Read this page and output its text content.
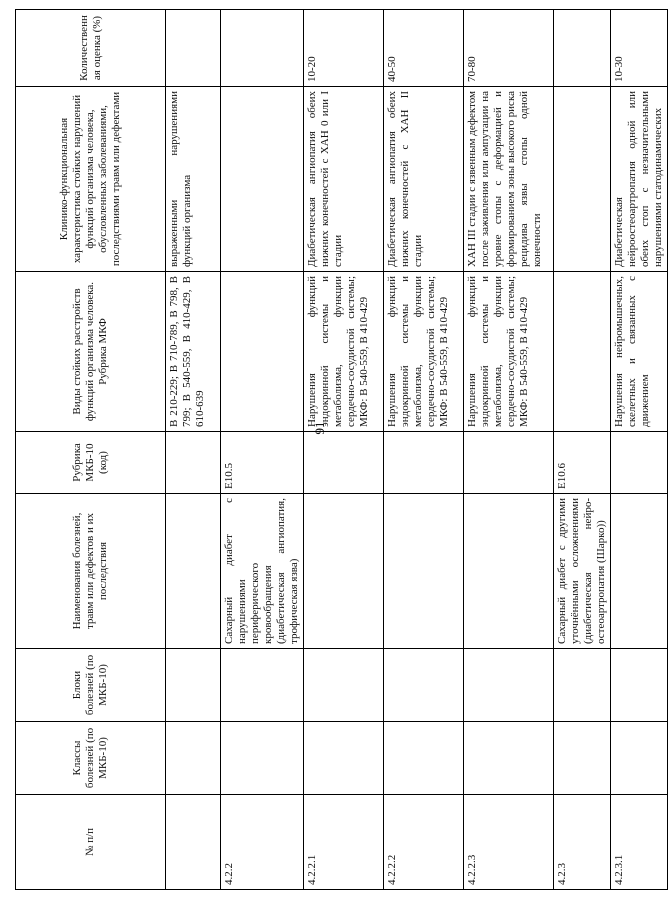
91
№ п/п	Классы болезней (по МКБ-10)	Блоки болезней (по МКБ-10)	Наименования болезней, травм или дефектов и их последствия	Рубрика МКБ-10 (код)	Виды стойких расстройств функций организма человека. Рубрика МКФ	Клинико-функциональная характеристика стойких нарушений функций организма человека, обусловленных заболеваниями, последствиями травм или дефектами	Количественная оценка (%)
					В 210-229; В 710-789, В 798, В 799; В 540-559, В 410-429, В 610-639	выраженными нарушениями функций организма	
4.2.2			Сахарный диабет с нарушениями периферического кровообращения (диабетическая ангиопатия, трофическая язва)	Е10.5			
4.2.2.1					Нарушения функций эндокринной системы и метаболизма, функции сердечно-сосудистой системы; МКФ: В 540-559, В 410-429	Диабетическая ангиопатия обеих нижних конечностей с ХАН 0 или I стадии	10-20
4.2.2.2					Нарушения функций эндокринной системы и метаболизма, функции сердечно-сосудистой системы; МКФ: В 540-559, В 410-429	Диабетическая ангиопатия обеих нижних конечностей с ХАН II стадии	40-50
4.2.2.3					Нарушения функций эндокринной системы и метаболизма, функции сердечно-сосудистой системы; МКФ: В 540-559, В 410-429	ХАН III стадии с язвенным дефектом после заживления или ампутации на уровне стопы с деформацией и формированием зоны высокого риска рецидива язвы стопы одной конечности	70-80
4.2.3			Сахарный диабет с другими уточнёнными осложнениями (диабетическая нейро-остеоартропатия (Шарко))	Е10.6			
4.2.3.1					Нарушения нейромышечных, скелетных и связанных с движением	Диабетическая нейроостеоартропатия одной или обеих стоп с незначительными нарушениями статодинамических	10-30
